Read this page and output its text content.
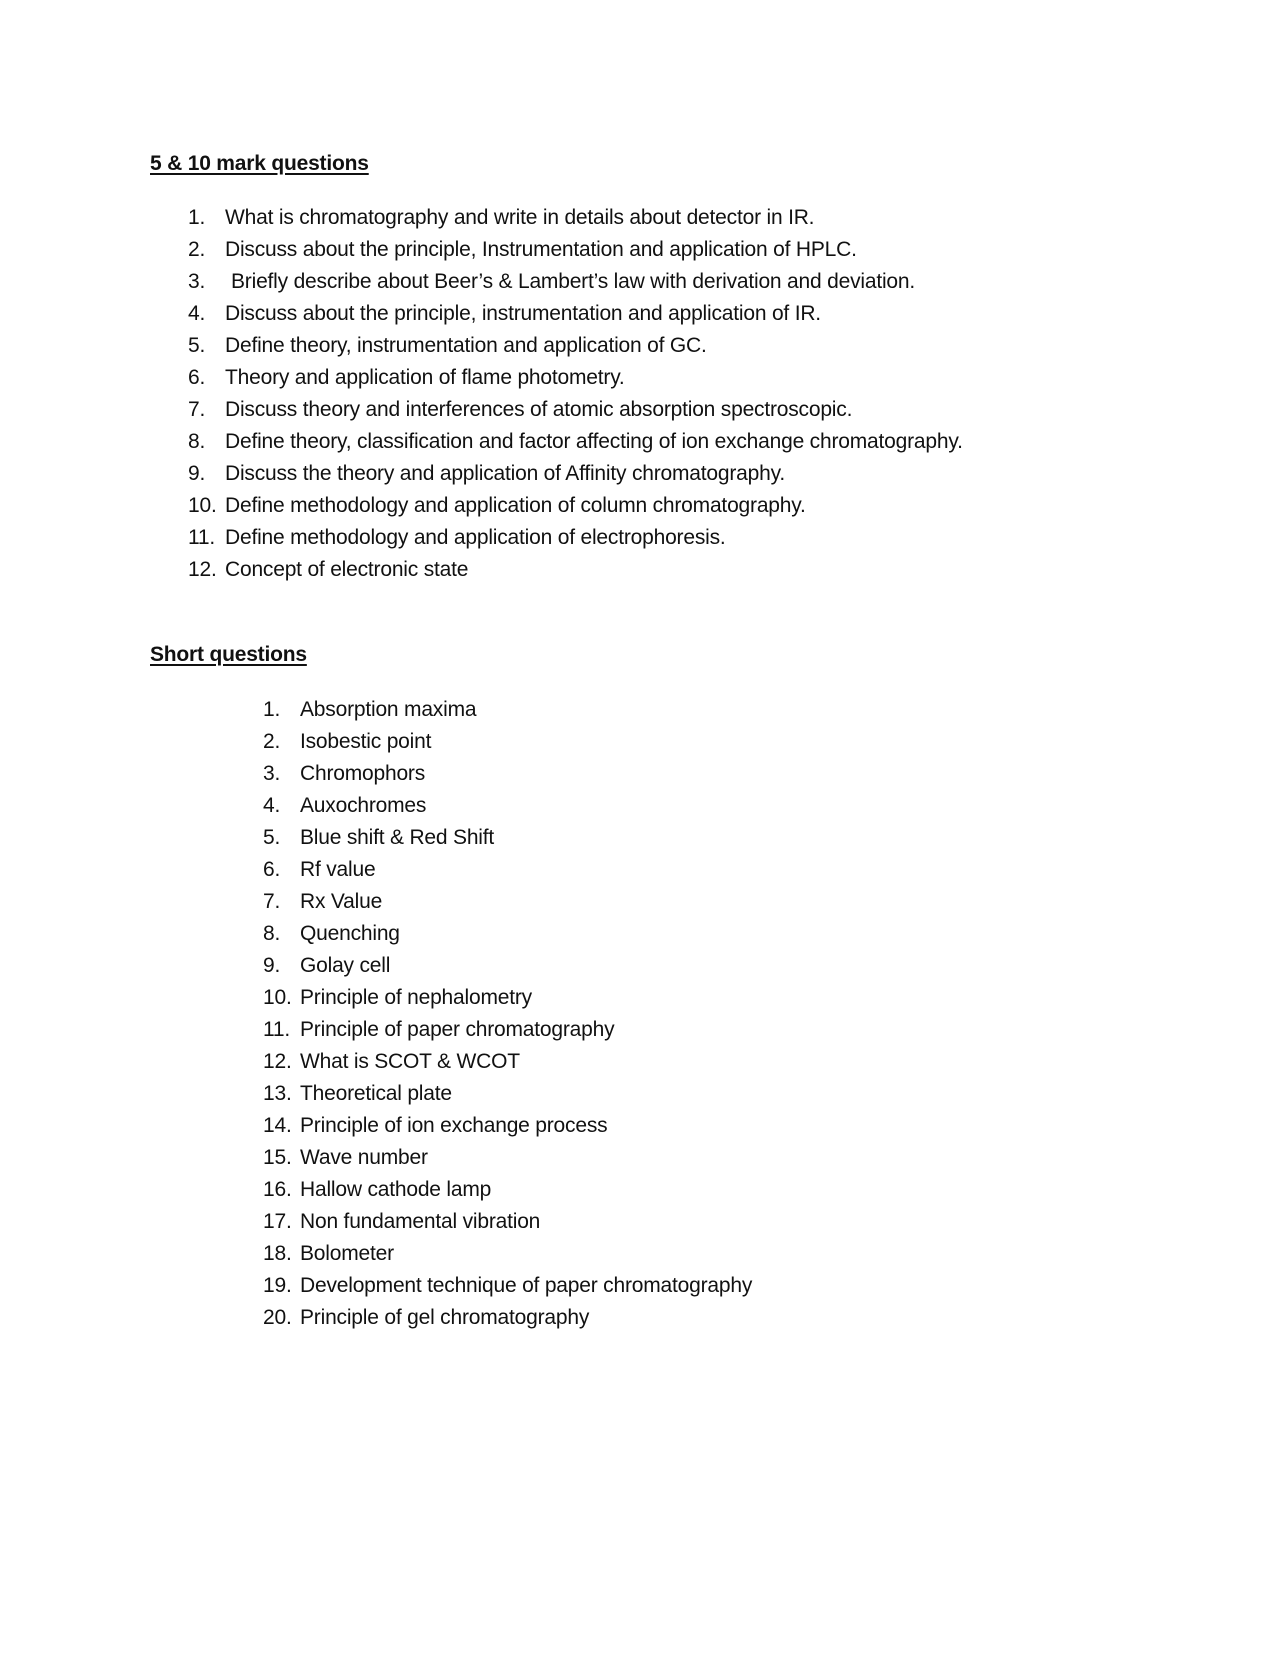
5 & 10 mark questions
1. What is chromatography and write in details about detector in IR.
2. Discuss about the principle, Instrumentation and application of HPLC.
3. Briefly describe about Beer’s & Lambert’s law with derivation and deviation.
4. Discuss about the principle, instrumentation and application of IR.
5. Define theory, instrumentation and application of GC.
6. Theory and application of flame photometry.
7. Discuss theory and interferences of atomic absorption spectroscopic.
8. Define theory, classification and factor affecting of ion exchange chromatography.
9. Discuss the theory and application of Affinity chromatography.
10. Define methodology and application of column chromatography.
11. Define methodology and application of electrophoresis.
12. Concept of electronic state
Short questions
1. Absorption maxima
2. Isobestic point
3. Chromophors
4. Auxochromes
5. Blue shift & Red Shift
6. Rf value
7. Rx Value
8. Quenching
9. Golay cell
10. Principle of nephalometry
11. Principle of paper chromatography
12. What is SCOT & WCOT
13. Theoretical plate
14. Principle of ion exchange process
15. Wave number
16. Hallow cathode lamp
17. Non fundamental vibration
18. Bolometer
19. Development technique of paper chromatography
20. Principle of gel chromatography
